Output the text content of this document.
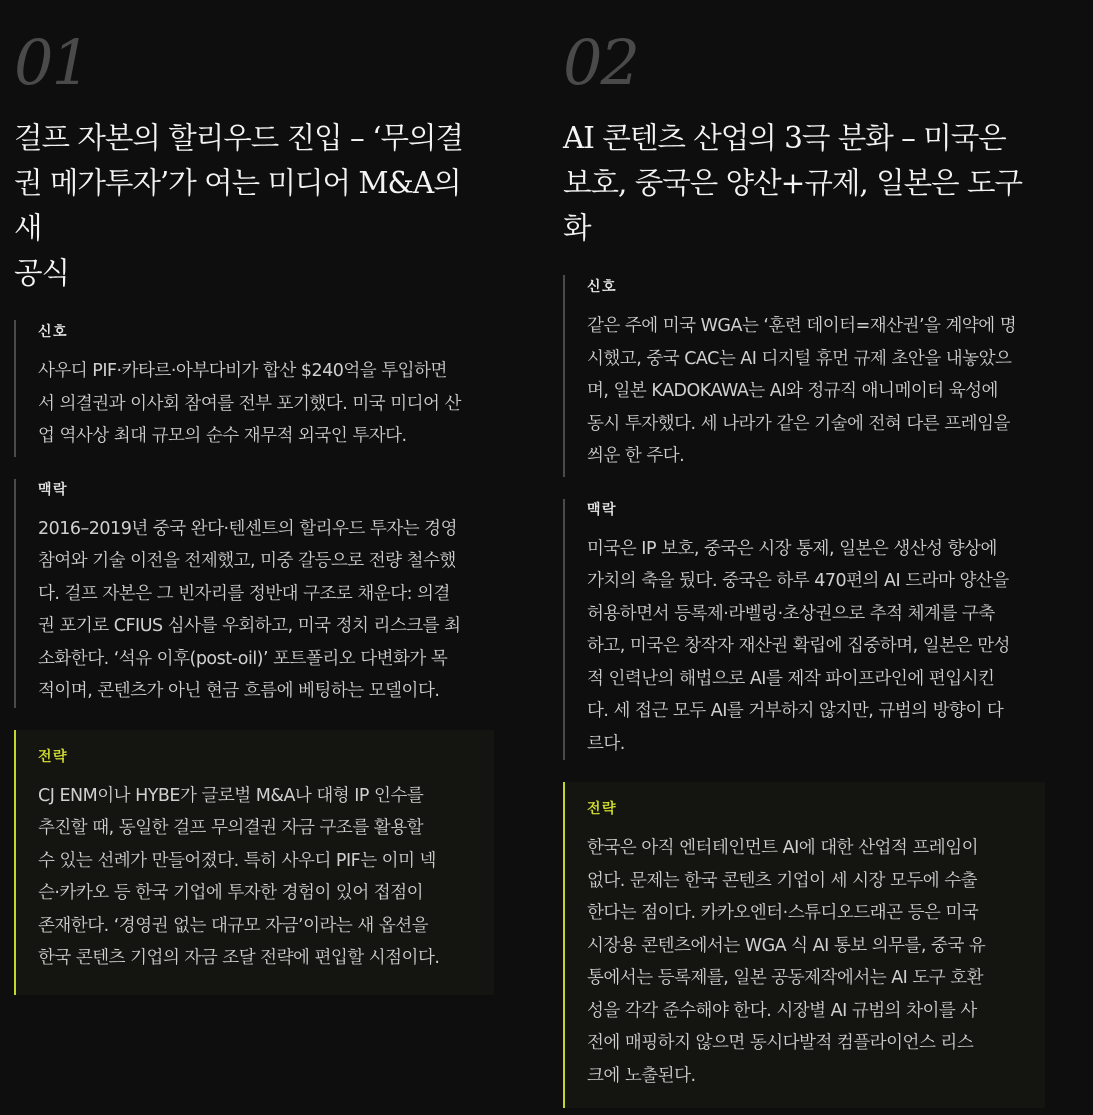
01
걸프 자본의 할리우드 진입 – ‘무의결
권 메가투자’가 여는 미디어 M&A의 새
공식
신호
사우디 PIF·카타르·아부다비가 합산 $240억을 투입하면
서 의결권과 이사회 참여를 전부 포기했다. 미국 미디어 산
업 역사상 최대 규모의 순수 재무적 외국인 투자다.
맥락
2016–2019년 중국 완다·텐센트의 할리우드 투자는 경영
참여와 기술 이전을 전제했고, 미중 갈등으로 전량 철수했
다. 걸프 자본은 그 빈자리를 정반대 구조로 채운다: 의결
권 포기로 CFIUS 심사를 우회하고, 미국 정치 리스크를 최
소화한다. ‘석유 이후(post-oil)’ 포트폴리오 다변화가 목
적이며, 콘텐츠가 아닌 현금 흐름에 베팅하는 모델이다.
전략
CJ ENM이나 HYBE가 글로벌 M&A나 대형 IP 인수를
추진할 때, 동일한 걸프 무의결권 자금 구조를 활용할
수 있는 선례가 만들어졌다. 특히 사우디 PIF는 이미 넥
슨·카카오 등 한국 기업에 투자한 경험이 있어 접점이
존재한다. ‘경영권 없는 대규모 자금’이라는 새 옵션을
한국 콘텐츠 기업의 자금 조달 전략에 편입할 시점이다.
02
AI 콘텐츠 산업의 3극 분화 – 미국은
보호, 중국은 양산+규제, 일본은 도구
화
신호
같은 주에 미국 WGA는 ‘훈련 데이터=재산권’을 계약에 명
시했고, 중국 CAC는 AI 디지털 휴먼 규제 초안을 내놓았으
며, 일본 KADOKAWA는 AI와 정규직 애니메이터 육성에
동시 투자했다. 세 나라가 같은 기술에 전혀 다른 프레임을
씌운 한 주다.
맥락
미국은 IP 보호, 중국은 시장 통제, 일본은 생산성 향상에
가치의 축을 뒀다. 중국은 하루 470편의 AI 드라마 양산을
허용하면서 등록제·라벨링·초상권으로 추적 체계를 구축
하고, 미국은 창작자 재산권 확립에 집중하며, 일본은 만성
적 인력난의 해법으로 AI를 제작 파이프라인에 편입시킨
다. 세 접근 모두 AI를 거부하지 않지만, 규범의 방향이 다
르다.
전략
한국은 아직 엔터테인먼트 AI에 대한 산업적 프레임이
없다. 문제는 한국 콘텐츠 기업이 세 시장 모두에 수출
한다는 점이다. 카카오엔터·스튜디오드래곤 등은 미국
시장용 콘텐츠에서는 WGA 식 AI 통보 의무를, 중국 유
통에서는 등록제를, 일본 공동제작에서는 AI 도구 호환
성을 각각 준수해야 한다. 시장별 AI 규범의 차이를 사
전에 매핑하지 않으면 동시다발적 컴플라이언스 리스
크에 노출된다.
